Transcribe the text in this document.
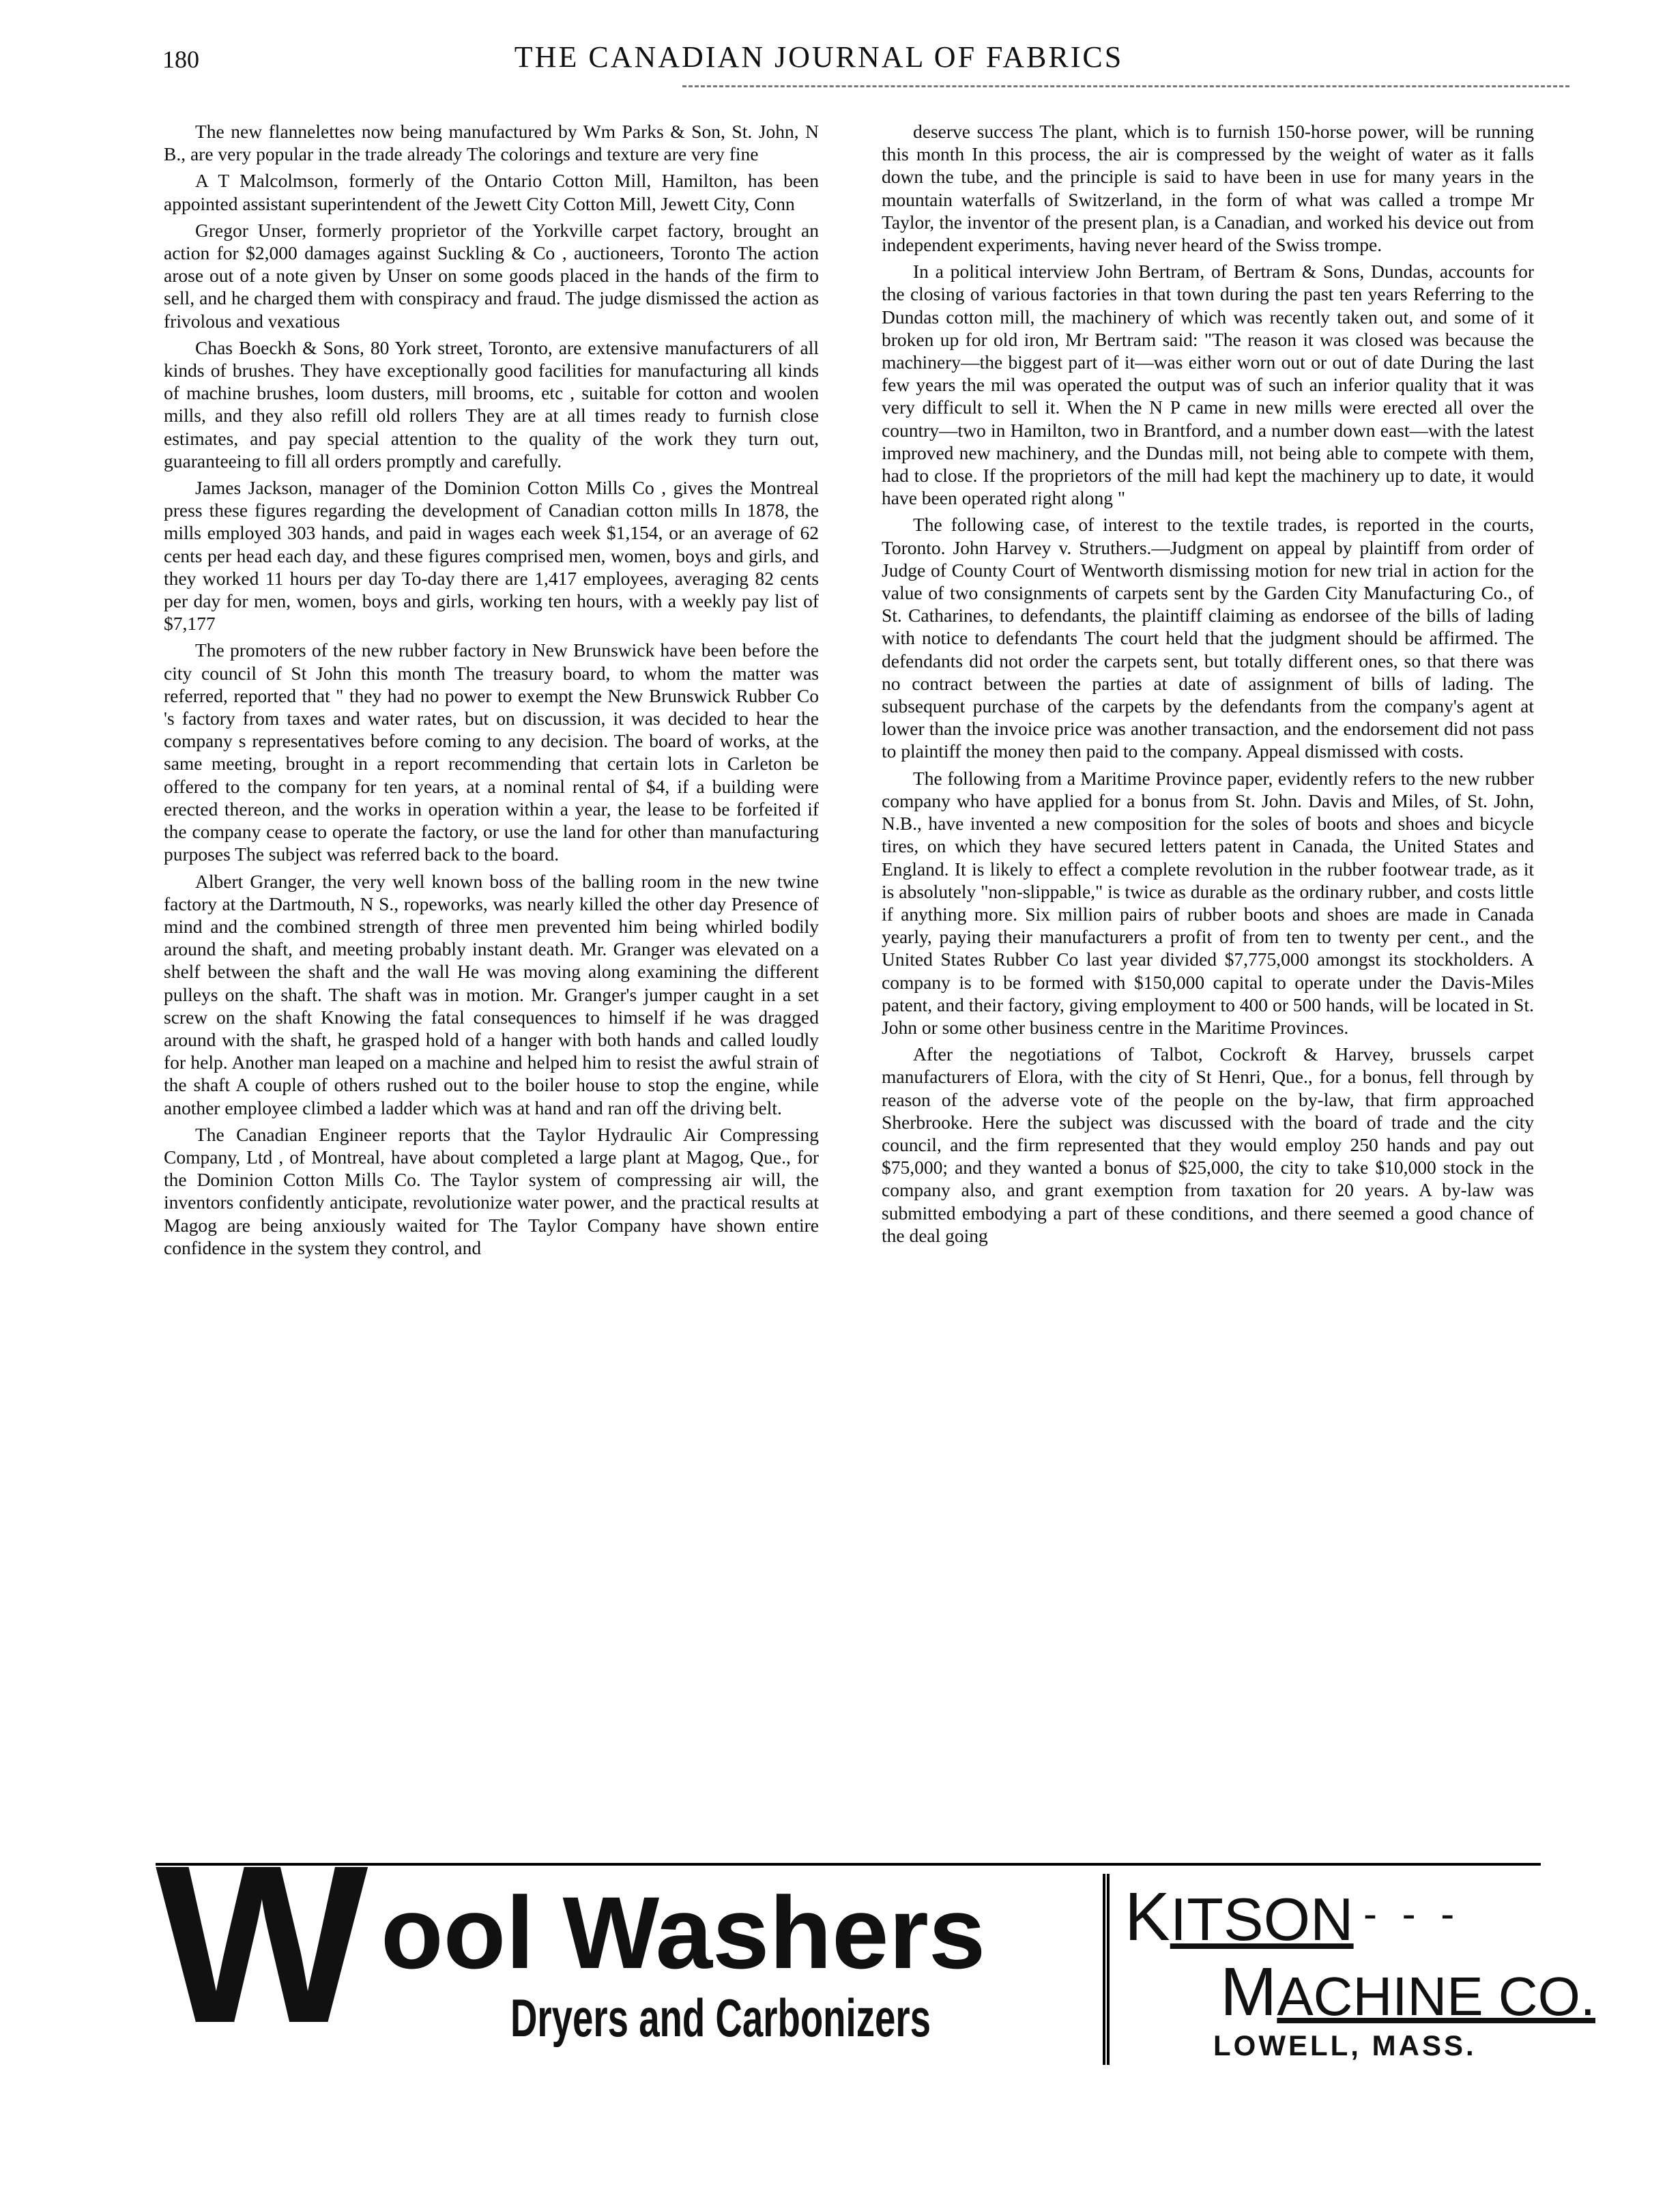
180	THE CANADIAN JOURNAL OF FABRICS

The new flannelettes now being manufactured by Wm Parks & Son, St. John, N B., are very popular in the trade already The colorings and texture are very fine

A T Malcolmson, formerly of the Ontario Cotton Mill, Hamilton, has been appointed assistant superintendent of the Jewett City Cotton Mill, Jewett City, Conn

Gregor Unser, formerly proprietor of the Yorkville carpet factory, brought an action for $2,000 damages against Suckling & Co , auctioneers, Toronto The action arose out of a note given by Unser on some goods placed in the hands of the firm to sell, and he charged them with conspiracy and fraud. The judge dismissed the action as frivolous and vexatious

Chas Boeckh & Sons, 80 York street, Toronto, are extensive manufacturers of all kinds of brushes. They have exceptionally good facilities for manufacturing all kinds of machine brushes, loom dusters, mill brooms, etc , suitable for cotton and woolen mills, and they also refill old rollers They are at all times ready to furnish close estimates, and pay special attention to the quality of the work they turn out, guaranteeing to fill all orders promptly and carefully.

James Jackson, manager of the Dominion Cotton Mills Co , gives the Montreal press these figures regarding the development of Canadian cotton mills In 1878, the mills employed 303 hands, and paid in wages each week $1,154, or an average of 62 cents per head each day, and these figures comprised men, women, boys and girls, and they worked 11 hours per day To-day there are 1,417 employees, averaging 82 cents per day for men, women, boys and girls, working ten hours, with a weekly pay list of $7,177

The promoters of the new rubber factory in New Brunswick have been before the city council of St John this month The treasury board, to whom the matter was referred, reported that " they had no power to exempt the New Brunswick Rubber Co 's factory from taxes and water rates, but on discussion, it was decided to hear the company s representatives before coming to any decision. The board of works, at the same meeting, brought in a report recommending that certain lots in Carleton be offered to the company for ten years, at a nominal rental of $4, if a building were erected thereon, and the works in operation within a year, the lease to be forfeited if the company cease to operate the factory, or use the land for other than manufacturing purposes The subject was referred back to the board.

Albert Granger, the very well known boss of the balling room in the new twine factory at the Dartmouth, N S., ropeworks, was nearly killed the other day Presence of mind and the combined strength of three men prevented him being whirled bodily around the shaft, and meeting probably instant death. Mr. Granger was elevated on a shelf between the shaft and the wall He was moving along examining the different pulleys on the shaft. The shaft was in motion. Mr. Granger's jumper caught in a set screw on the shaft Knowing the fatal consequences to himself if he was dragged around with the shaft, he grasped hold of a hanger with both hands and called loudly for help. Another man leaped on a machine and helped him to resist the awful strain of the shaft A couple of others rushed out to the boiler house to stop the engine, while another employee climbed a ladder which was at hand and ran off the driving belt.

The Canadian Engineer reports that the Taylor Hydraulic Air Compressing Company, Ltd , of Montreal, have about completed a large plant at Magog, Que., for the Dominion Cotton Mills Co. The Taylor system of compressing air will, the inventors confidently anticipate, revolutionize water power, and the practical results at Magog are being anxiously waited for The Taylor Company have shown entire confidence in the system they control, and

deserve success The plant, which is to furnish 150-horse power, will be running this month In this process, the air is compressed by the weight of water as it falls down the tube, and the principle is said to have been in use for many years in the mountain waterfalls of Switzerland, in the form of what was called a trompe Mr Taylor, the inventor of the present plan, is a Canadian, and worked his device out from independent experiments, having never heard of the Swiss trompe.

In a political interview John Bertram, of Bertram & Sons, Dundas, accounts for the closing of various factories in that town during the past ten years Referring to the Dundas cotton mill, the machinery of which was recently taken out, and some of it broken up for old iron, Mr Bertram said: "The reason it was closed was because the machinery—the biggest part of it—was either worn out or out of date During the last few years the mil was operated the output was of such an inferior quality that it was very difficult to sell it. When the N P came in new mills were erected all over the country—two in Hamilton, two in Brantford, and a number down east—with the latest improved new machinery, and the Dundas mill, not being able to compete with them, had to close. If the proprietors of the mill had kept the machinery up to date, it would have been operated right along "

The following case, of interest to the textile trades, is reported in the courts, Toronto. John Harvey v. Struthers.—Judgment on appeal by plaintiff from order of Judge of County Court of Wentworth dismissing motion for new trial in action for the value of two consignments of carpets sent by the Garden City Manufacturing Co., of St. Catharines, to defendants, the plaintiff claiming as endorsee of the bills of lading with notice to defendants The court held that the judgment should be affirmed. The defendants did not order the carpets sent, but totally different ones, so that there was no contract between the parties at date of assignment of bills of lading. The subsequent purchase of the carpets by the defendants from the company's agent at lower than the invoice price was another transaction, and the endorsement did not pass to plaintiff the money then paid to the company. Appeal dismissed with costs.

The following from a Maritime Province paper, evidently refers to the new rubber company who have applied for a bonus from St. John. Davis and Miles, of St. John, N.B., have invented a new composition for the soles of boots and shoes and bicycle tires, on which they have secured letters patent in Canada, the United States and England. It is likely to effect a complete revolution in the rubber footwear trade, as it is absolutely "non-slippable," is twice as durable as the ordinary rubber, and costs little if anything more. Six million pairs of rubber boots and shoes are made in Canada yearly, paying their manufacturers a profit of from ten to twenty per cent., and the United States Rubber Co last year divided $7,775,000 amongst its stockholders. A company is to be formed with $150,000 capital to operate under the Davis-Miles patent, and their factory, giving employment to 400 or 500 hands, will be located in St. John or some other business centre in the Maritime Provinces.

After the negotiations of Talbot, Cockroft & Harvey, brussels carpet manufacturers of Elora, with the city of St Henri, Que., for a bonus, fell through by reason of the adverse vote of the people on the by-law, that firm approached Sherbrooke. Here the subject was discussed with the board of trade and the city council, and the firm represented that they would employ 250 hands and pay out $75,000; and they wanted a bonus of $25,000, the city to take $10,000 stock in the company also, and grant exemption from taxation for 20 years. A by-law was submitted embodying a part of these conditions, and there seemed a good chance of the deal going

W ool Washers
Dryers and Carbonizers
KITSON - - -
MACHINE CO.
LOWELL, MASS.
